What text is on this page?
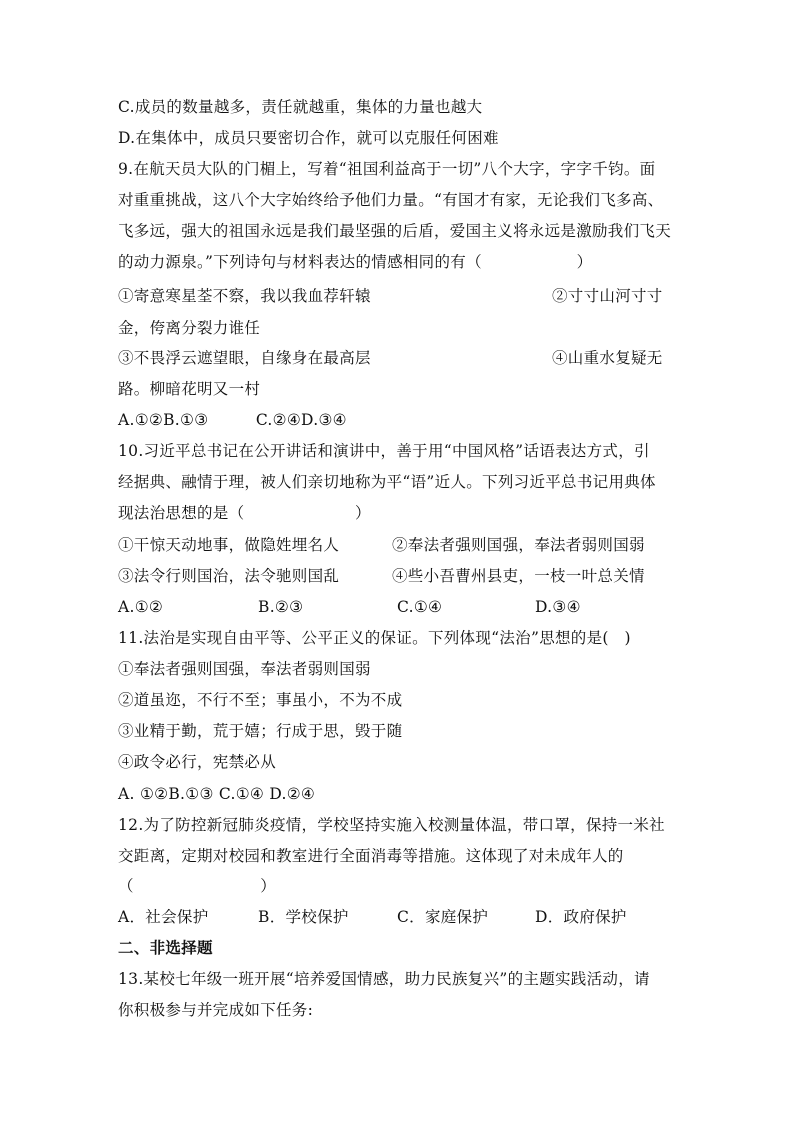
C.成员的数量越多，责任就越重，集体的力量也越大
D.在集体中，成员只要密切合作，就可以克服任何困难
9.在航天员大队的门楣上，写着“祖国利益高于一切”八个大字，字字千钧。面
对重重挑战，这八个大字始终给予他们力量。“有国才有家，无论我们飞多高、
飞多远，强大的祖国永远是我们最坚强的后盾，爱国主义将永远是激励我们飞天
的动力源泉。”下列诗句与材料表达的情感相同的有（　　　　　　）
①寄意寒星荃不察，我以我血荐轩辕	②寸寸山河寸寸
金，侉离分裂力谁任
③不畏浮云遮望眼，自缘身在最高层	④山重水复疑无
路。柳暗花明又一村
A.①②B.①③　　　C.②④D.③④
10.习近平总书记在公开讲话和演讲中，善于用“中国风格”话语表达方式，引
经据典、融情于理，被人们亲切地称为平“语”近人。下列习近平总书记用典体
现法治思想的是（　　　　　　　）
①干惊天动地事，做隐姓埋名人	②奉法者强则国强，奉法者弱则国弱
③法令行则国治，法令驰则国乱	④些小吾曹州县吏，一枝一叶总关情
A.①②	B.②③	C.①④	D.③④
11.法治是实现自由平等、公平正义的保证。下列体现“法治”思想的是(　)
①奉法者强则国强，奉法者弱则国弱
②道虽迩，不行不至；事虽小，不为不成
③业精于勤，荒于嬉；行成于思，毁于随
④政令必行，宪禁必从
A. ①②B.①③ C.①④ D.②④
12.为了防控新冠肺炎疫情，学校坚持实施入校测量体温，带口罩，保持一米社
交距离，定期对校园和教室进行全面消毒等措施。这体现了对未成年人的
（　　　　　　　　）
A．社会保护	B．学校保护	C．家庭保护	D．政府保护
二、非选择题
13.某校七年级一班开展“培养爱国情感，助力民族复兴”的主题实践活动，请
你积极参与并完成如下任务:
